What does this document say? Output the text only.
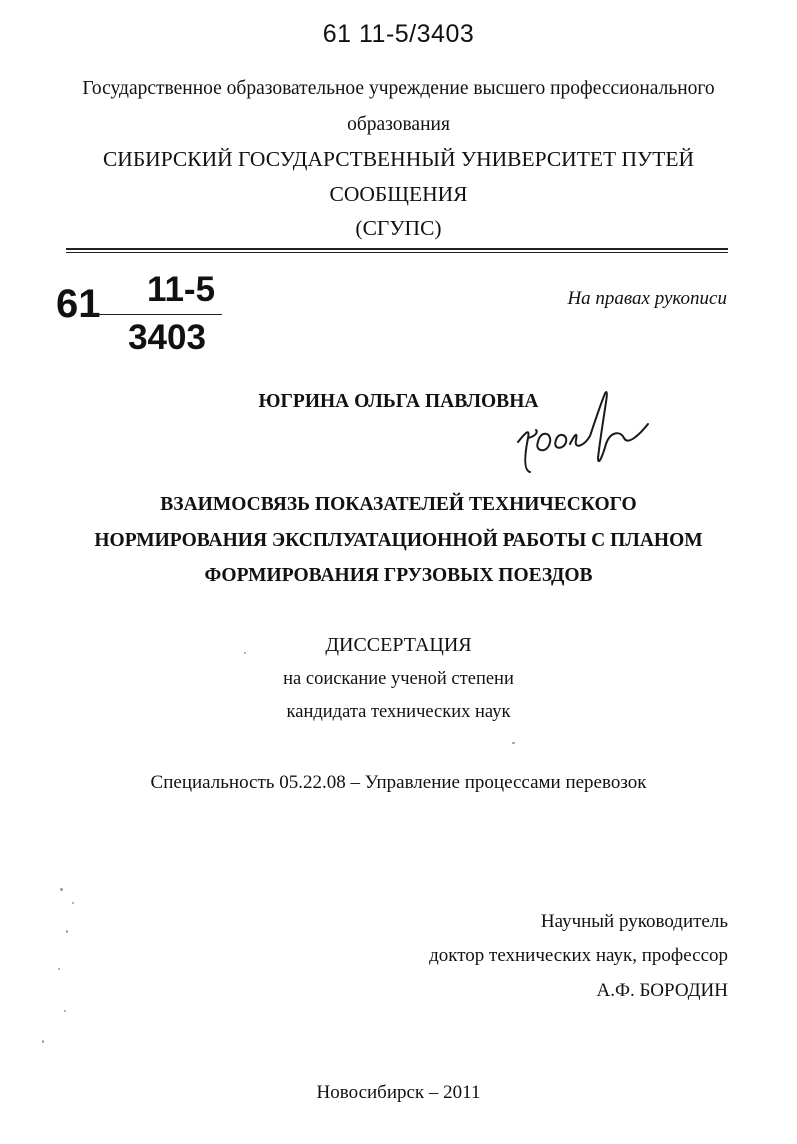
61 11-5/3403
Государственное образовательное учреждение высшего профессионального
образования
СИБИРСКИЙ ГОСУДАРСТВЕННЫЙ УНИВЕРСИТЕТ ПУТЕЙ
СООБЩЕНИЯ
(СГУПС)
61	11-5
3403
На правах рукописи
ЮГРИНА ОЛЬГА ПАВЛОВНА
ВЗАИМОСВЯЗЬ ПОКАЗАТЕЛЕЙ ТЕХНИЧЕСКОГО
НОРМИРОВАНИЯ ЭКСПЛУАТАЦИОННОЙ РАБОТЫ С ПЛАНОМ
ФОРМИРОВАНИЯ ГРУЗОВЫХ ПОЕЗДОВ
ДИССЕРТАЦИЯ
на соискание ученой степени
кандидата технических наук
Специальность 05.22.08 – Управление процессами перевозок
Научный руководитель
доктор технических наук, профессор
А.Ф. БОРОДИН
Новосибирск – 2011
